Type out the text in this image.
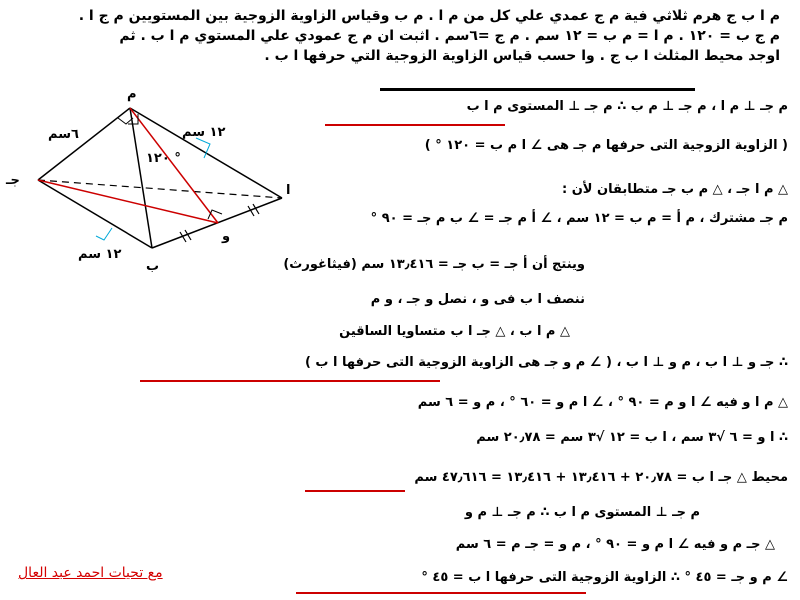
م ا ب ج هرم ثلاثي فية م ج عمدي علي كل من م ا . م ب وقياس الزاوية الزوجية بين المستويين م ج ا .
م ج ب = ١٢٠ . م ا = م ب = ١٢ سم . م ج =٦سم . اثبت ان م ج عمودي علي المستوي م ا ب . ثم
اوجد محيط المثلث ا ب ج . وا حسب قياس الزاوية الزوجية التي حرفها ا ب .
م
ا
ب
جـ
و
٦سم	١٢ سم
١٢ سم
١٢٠ °
م جـ ⊥ م ا ، م جـ ⊥ م ب ∴ م جـ ⊥ المستوى م ا ب
( الزاوية الزوجية التى حرفها م جـ هى ∠ ا م ب = ١٢٠ ° )
△ م ا جـ ، △ م ب جـ متطابقان لأن :
م جـ مشترك ، م أ = م ب = ١٢ سم ، ∠ أ م جـ = ∠ ب م جـ = ٩٠ °
وينتج أن أ جـ = ب جـ = ١٣٫٤١٦ سم (فيثاغورث)
ننصف ا ب فى و ، نصل و جـ ، و م
△ م ا ب ، △ جـ ا ب متساويا الساقين
∴ جـ و ⊥ ا ب ، م و ⊥ ا ب ، ( ∠ م و جـ هى الزاوية الزوجية التى حرفها ا ب )
△ م ا و فيه ∠ ا و م = ٩٠ ° ، ∠ ا م و = ٦٠ ° ، م و = ٦ سم
∴ ا و = ٦ √٣ سم ، ا ب = ١٢ √٣ سم = ٢٠٫٧٨ سم
محيط △ جـ ا ب = ٢٠٫٧٨ + ١٣٫٤١٦ + ١٣٫٤١٦ = ٤٧٫٦١٦ سم
م جـ ⊥ المستوى م ا ب ∴ م جـ ⊥ م و
△ جـ م و فيه ∠ ا م و = ٩٠ ° ، م و = جـ م = ٦ سم
∠ م و جـ = ٤٥ ° ∴ الزاوية الزوجية التى حرفها ا ب = ٤٥ °
مع تحيات احمد عبد العال
